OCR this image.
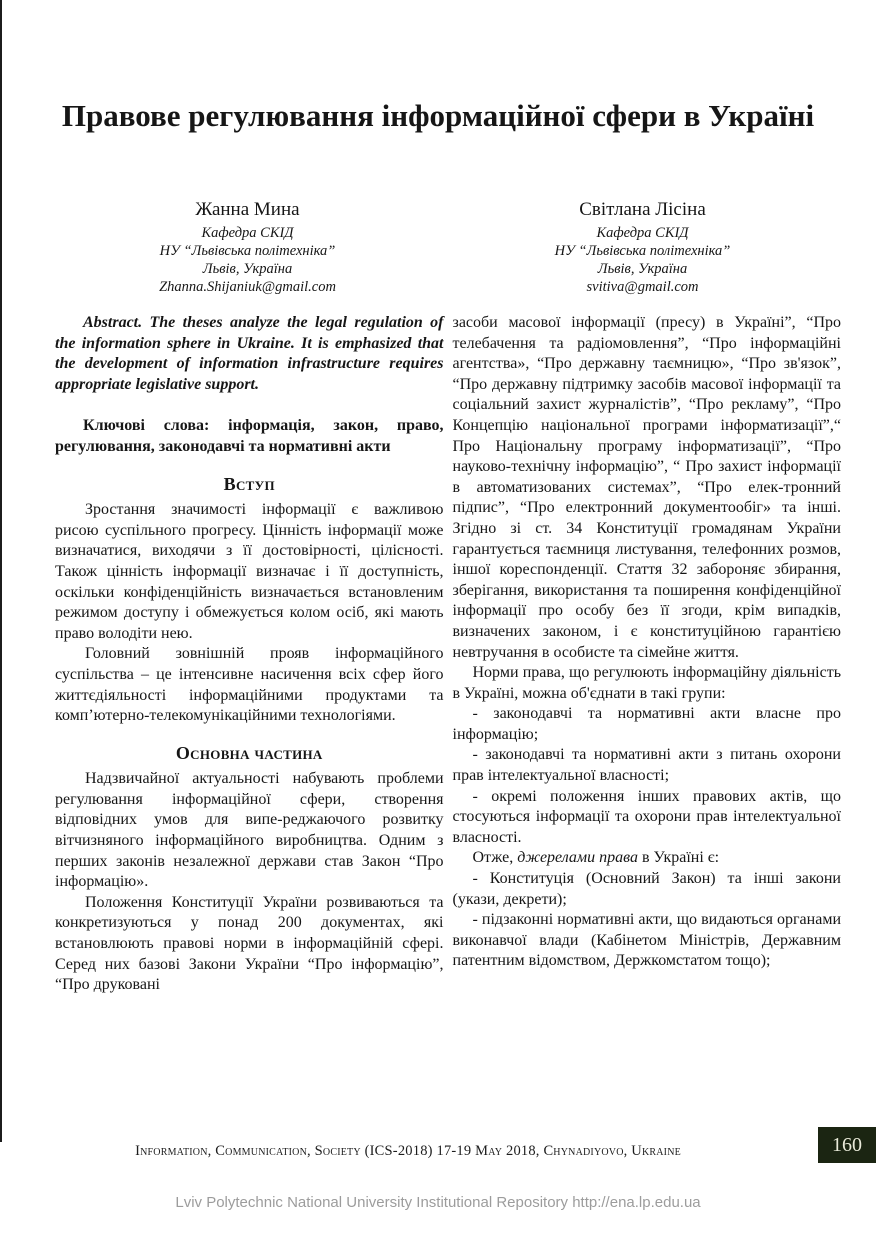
Правове регулювання інформаційної сфери в Україні
Жанна Мина
Кафедра СКІД
НУ “Львівська політехніка”
Львів, Україна
Zhanna.Shijaniuk@gmail.com
Світлана Лісіна
Кафедра СКІД
НУ “Львівська політехніка”
Львів, Україна
svitiva@gmail.com

Abstract. The theses analyze the legal regulation of the information sphere in Ukraine. It is emphasized that the development of information infrastructure requires appropriate legislative support.

Ключові слова: інформація, закон, право, регулювання, законодавчі та нормативні акти

Вступ

Зростання значимості інформації є важливою рисою суспільного прогресу. Цінність інформації може визначатися, виходячи з її достовірності, цілісності. Також цінність інформації визначає і її доступність, оскільки конфіденційність визначається встановленим режимом доступу і обмежується колом осіб, які мають право володіти нею.

Головний зовнішній прояв інформаційного суспільства – це інтенсивне насичення всіх сфер його життєдіяльності інформаційними продуктами та комп’ютерно-телекомунікаційними технологіями.

Основна частина

Надзвичайної актуальності набувають проблеми регулювання інформаційної сфери, створення відповідних умов для випе-реджаючого розвитку вітчизняного інформаційного виробництва. Одним з перших законів незалежної держави став Закон “Про інформацію».

Положення Конституції України розвиваються та конкретизуються у понад 200 документах, які встановлюють правові норми в інформаційній сфері. Серед них базові Закони України “Про інформацію”, “Про друковані

засоби масової інформації (пресу) в Україні”, “Про телебачення та радіомовлення”, “Про інформаційні агентства», “Про державну таємницю», “Про зв'язок”, “Про державну підтримку засобів масової інформації та соціальний захист журналістів”, “Про рекламу”, “Про Концепцію національної програми інформатизації”,“ Про Національну програму інформатизації”, “Про науково-технічну інформацію”, “ Про захист інформації в автоматизованих системах”, “Про елек-тронний підпис”, “Про електронний документообіг» та інші. Згідно зі ст. 34 Конституції громадянам України гарантується таємниця листування, телефонних розмов, іншої кореспонденції. Стаття 32 забороняє збирання, зберігання, використання та поширення конфіденційної інформації про особу без її згоди, крім випадків, визначених законом, і є конституційною гарантією невтручання в особисте та сімейне життя.

Норми права, що регулюють інформаційну діяльність в Україні, можна об'єднати в такі групи:

- законодавчі та нормативні акти власне про інформацію;

- законодавчі та нормативні акти з питань охорони прав інтелектуальної власності;

- окремі положення інших правових актів, що стосуються інформації та охорони прав інтелектуальної власності.

Отже, джерелами права в Україні є:

- Конституція (Основний Закон) та інші закони (укази, декрети);

- підзаконні нормативні акти, що видаються органами виконавчої влади (Кабінетом Міністрів, Державним патентним відомством, Держкомстатом тощо);

Information, Communication, Society (ICS-2018) 17-19 May 2018, Chynadiyovo, Ukraine	160
Lviv Polytechnic National University Institutional Repository http://ena.lp.edu.ua
